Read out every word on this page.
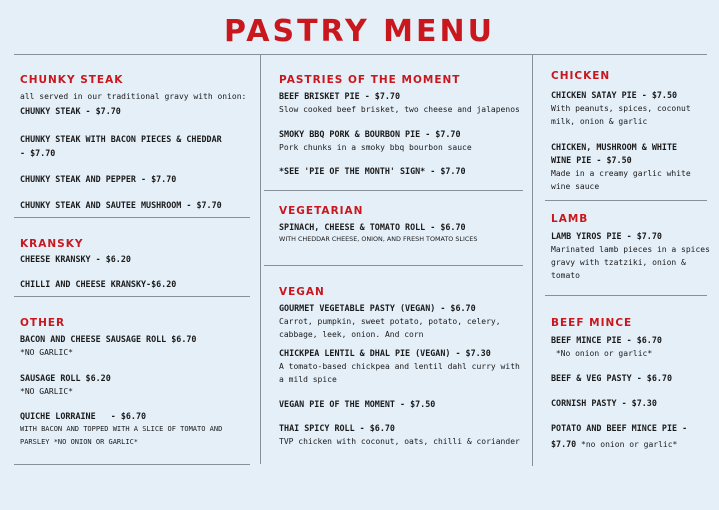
PASTRY MENU
CHUNKY STEAK
all served in our traditional gravy with onion:
CHUNKY STEAK - $7.70
CHUNKY STEAK WITH BACON PIECES & CHEDDAR
- $7.70
CHUNKY STEAK AND PEPPER - $7.70
CHUNKY STEAK AND SAUTEE MUSHROOM - $7.70
KRANSKY
CHEESE KRANSKY - $6.20
CHILLI AND CHEESE KRANSKY-$6.20
OTHER
BACON AND CHEESE SAUSAGE ROLL $6.70
*NO GARLIC*
SAUSAGE ROLL $6.20
*NO GARLIC*
QUICHE LORRAINE   - $6.70
WITH BACON AND TOPPED WITH A SLICE OF TOMATO AND
PARSLEY *NO ONION OR GARLIC*
PASTRIES OF THE MOMENT
BEEF BRISKET PIE - $7.70
Slow cooked beef brisket, two cheese and jalapenos
SMOKY BBQ PORK & BOURBON PIE - $7.70
Pork chunks in a smoky bbq bourbon sauce
*SEE 'PIE OF THE MONTH' SIGN* - $7.70
VEGETARIAN
SPINACH, CHEESE & TOMATO ROLL - $6.70
WITH CHEDDAR CHEESE, ONION, AND FRESH TOMATO SLICES
VEGAN
GOURMET VEGETABLE PASTY (VEGAN) - $6.70
Carrot, pumpkin, sweet potato, potato, celery,
cabbage, leek, onion. And corn
CHICKPEA LENTIL & DHAL PIE (VEGAN) - $7.30
A tomato-based chickpea and lentil dahl curry with
a mild spice
VEGAN PIE OF THE MOMENT - $7.50
THAI SPICY ROLL - $6.70
TVP chicken with coconut, oats, chilli & coriander
CHICKEN
CHICKEN SATAY PIE - $7.50
With peanuts, spices, coconut
milk, onion & garlic
CHICKEN, MUSHROOM & WHITE
WINE PIE - $7.50
Made in a creamy garlic white
wine sauce
LAMB
LAMB YIROS PIE - $7.70
Marinated lamb pieces in a spices
gravy with tzatziki, onion &
tomato
BEEF MINCE
BEEF MINCE PIE - $6.70
*No onion or garlic*
BEEF & VEG PASTY - $6.70
CORNISH PASTY - $7.30
POTATO AND BEEF MINCE PIE -
$7.70 *no onion or garlic*
